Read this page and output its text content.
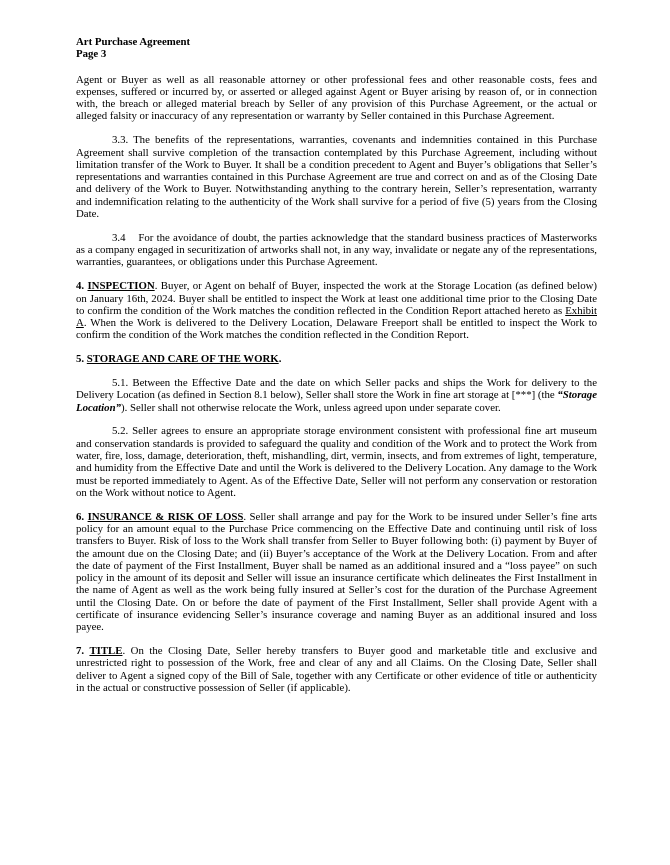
Art Purchase Agreement
Page 3

Agent or Buyer as well as all reasonable attorney or other professional fees and other reasonable costs, fees and expenses, suffered or incurred by, or asserted or alleged against Agent or Buyer arising by reason of, or in connection with, the breach or alleged material breach by Seller of any provision of this Purchase Agreement, or the actual or alleged falsity or inaccuracy of any representation or warranty by Seller contained in this Purchase Agreement.

3.3. The benefits of the representations, warranties, covenants and indemnities contained in this Purchase Agreement shall survive completion of the transaction contemplated by this Purchase Agreement, including without limitation transfer of the Work to Buyer. It shall be a condition precedent to Agent and Buyer’s obligations that Seller’s representations and warranties contained in this Purchase Agreement are true and correct on and as of the Closing Date and delivery of the Work to Buyer. Notwithstanding anything to the contrary herein, Seller’s representation, warranty and indemnification relating to the authenticity of the Work shall survive for a period of five (5) years from the Closing Date.

3.4    For the avoidance of doubt, the parties acknowledge that the standard business practices of Masterworks as a company engaged in securitization of artworks shall not, in any way, invalidate or negate any of the representations, warranties, guarantees, or obligations under this Purchase Agreement.

4. INSPECTION. Buyer, or Agent on behalf of Buyer, inspected the work at the Storage Location (as defined below) on January 16th, 2024. Buyer shall be entitled to inspect the Work at least one additional time prior to the Closing Date to confirm the condition of the Work matches the condition reflected in the Condition Report attached hereto as Exhibit A. When the Work is delivered to the Delivery Location, Delaware Freeport shall be entitled to inspect the Work to confirm the condition of the Work matches the condition reflected in the Condition Report.

5. STORAGE AND CARE OF THE WORK.

5.1. Between the Effective Date and the date on which Seller packs and ships the Work for delivery to the Delivery Location (as defined in Section 8.1 below), Seller shall store the Work in fine art storage at [***] (the “Storage Location”). Seller shall not otherwise relocate the Work, unless agreed upon under separate cover.

5.2. Seller agrees to ensure an appropriate storage environment consistent with professional fine art museum and conservation standards is provided to safeguard the quality and condition of the Work and to protect the Work from water, fire, loss, damage, deterioration, theft, mishandling, dirt, vermin, insects, and from extremes of light, temperature, and humidity from the Effective Date and until the Work is delivered to the Delivery Location. Any damage to the Work must be reported immediately to Agent. As of the Effective Date, Seller will not perform any conservation or restoration on the Work without notice to Agent.

6. INSURANCE & RISK OF LOSS. Seller shall arrange and pay for the Work to be insured under Seller’s fine arts policy for an amount equal to the Purchase Price commencing on the Effective Date and continuing until risk of loss transfers to Buyer. Risk of loss to the Work shall transfer from Seller to Buyer following both: (i) payment by Buyer of the amount due on the Closing Date; and (ii) Buyer’s acceptance of the Work at the Delivery Location. From and after the date of payment of the First Installment, Buyer shall be named as an additional insured and a “loss payee” on such policy in the amount of its deposit and Seller will issue an insurance certificate which delineates the First Installment in the name of Agent as well as the work being fully insured at Seller’s cost for the duration of the Purchase Agreement until the Closing Date. On or before the date of payment of the First Installment, Seller shall provide Agent with a certificate of insurance evidencing Seller’s insurance coverage and naming Buyer as an additional insured and loss payee.

7. TITLE. On the Closing Date, Seller hereby transfers to Buyer good and marketable title and exclusive and unrestricted right to possession of the Work, free and clear of any and all Claims. On the Closing Date, Seller shall deliver to Agent a signed copy of the Bill of Sale, together with any Certificate or other evidence of title or authenticity in the actual or constructive possession of Seller (if applicable).
